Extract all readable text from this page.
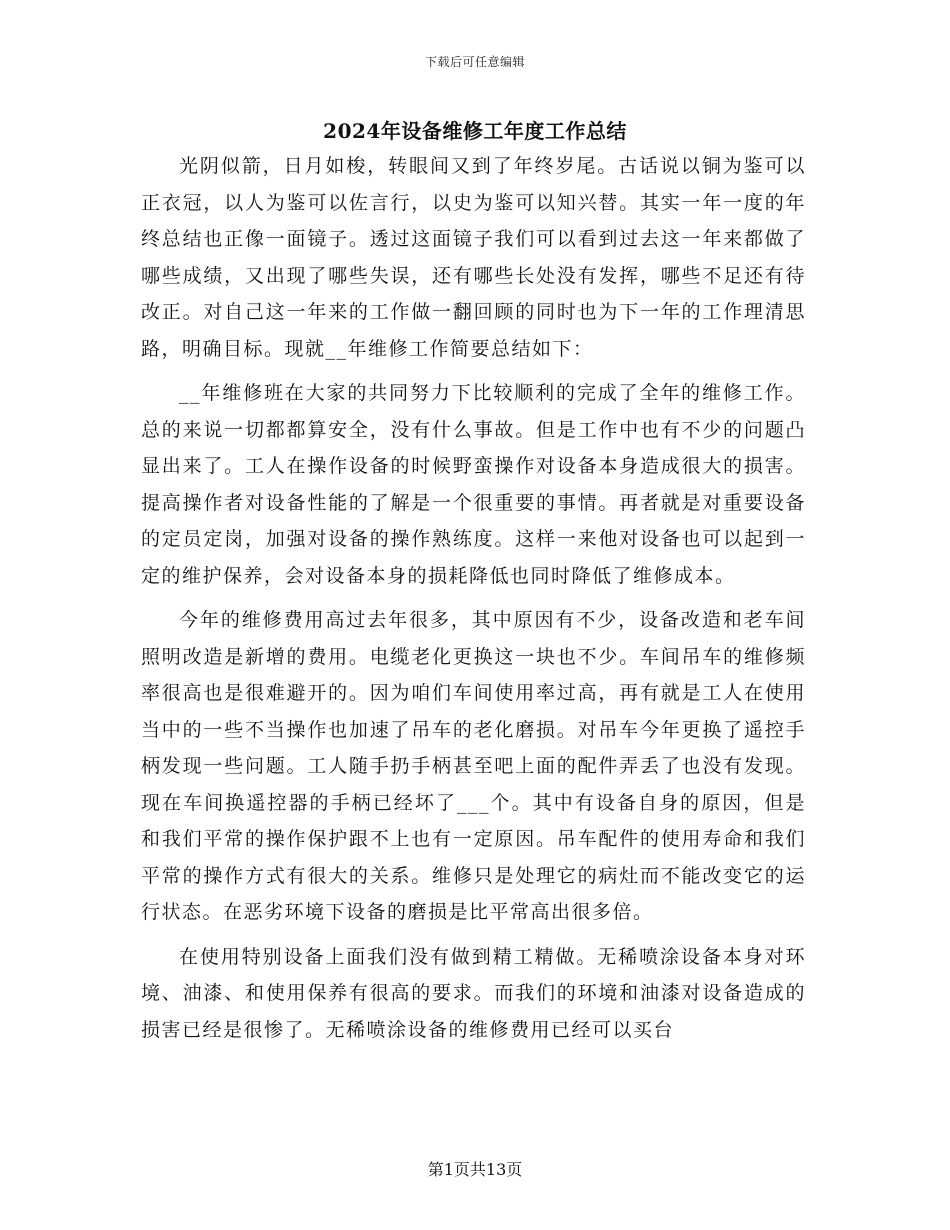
下载后可任意编辑
2024年设备维修工年度工作总结

光阴似箭，日月如梭，转眼间又到了年终岁尾。古话说以铜为鉴可以正衣冠，以人为鉴可以佐言行，以史为鉴可以知兴替。其实一年一度的年终总结也正像一面镜子。透过这面镜子我们可以看到过去这一年来都做了哪些成绩，又出现了哪些失误，还有哪些长处没有发挥，哪些不足还有待改正。对自己这一年来的工作做一翻回顾的同时也为下一年的工作理清思路，明确目标。现就__年维修工作简要总结如下：

__年维修班在大家的共同努力下比较顺利的完成了全年的维修工作。总的来说一切都都算安全，没有什么事故。但是工作中也有不少的问题凸显出来了。工人在操作设备的时候野蛮操作对设备本身造成很大的损害。提高操作者对设备性能的了解是一个很重要的事情。再者就是对重要设备的定员定岗，加强对设备的操作熟练度。这样一来他对设备也可以起到一定的维护保养，会对设备本身的损耗降低也同时降低了维修成本。

今年的维修费用高过去年很多，其中原因有不少，设备改造和老车间照明改造是新增的费用。电缆老化更换这一块也不少。车间吊车的维修频率很高也是很难避开的。因为咱们车间使用率过高，再有就是工人在使用当中的一些不当操作也加速了吊车的老化磨损。对吊车今年更换了遥控手柄发现一些问题。工人随手扔手柄甚至吧上面的配件弄丢了也没有发现。现在车间换遥控器的手柄已经坏了___个。其中有设备自身的原因，但是和我们平常的操作保护跟不上也有一定原因。吊车配件的使用寿命和我们平常的操作方式有很大的关系。维修只是处理它的病灶而不能改变它的运行状态。在恶劣环境下设备的磨损是比平常高出很多倍。

在使用特别设备上面我们没有做到精工精做。无稀喷涂设备本身对环境、油漆、和使用保养有很高的要求。而我们的环境和油漆对设备造成的损害已经是很惨了。无稀喷涂设备的维修费用已经可以买台

第1页共13页
